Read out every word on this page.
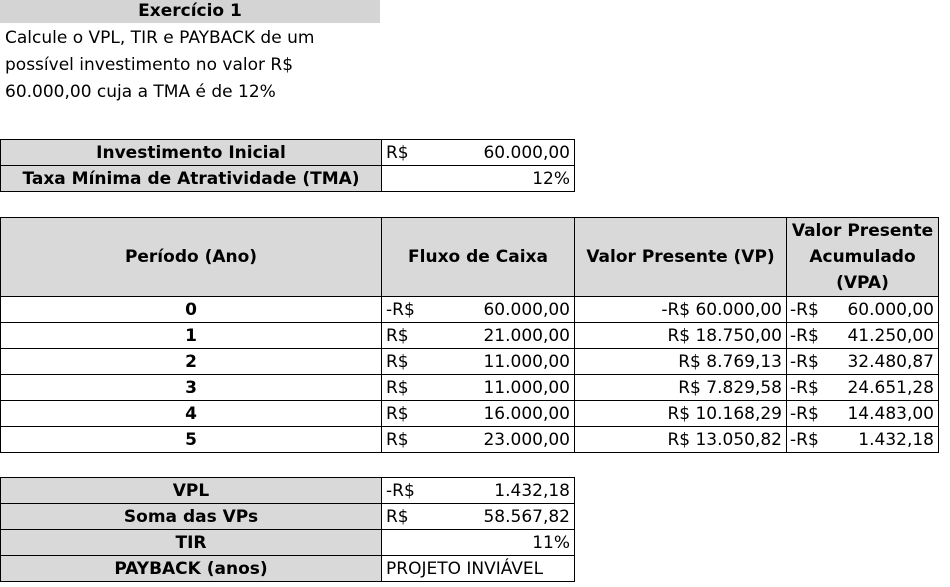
Exercício 1
Calcule o VPL, TIR e PAYBACK de um
possível investimento no valor R$
60.000,00 cuja a TMA é de 12%
Investimento Inicial	R$ 60.000,00

Taxa Mínima de Atratividade (TMA)	12%
Período (Ano)	Fluxo de Caixa	Valor Presente (VP)	Valor Presente Acumulado (VPA)
0	-R$ 60.000,00	-R$ 60.000,00	-R$ 60.000,00

1	R$ 21.000,00	R$ 18.750,00	-R$ 41.250,00

2	R$ 11.000,00	R$ 8.769,13	-R$ 32.480,87

3	R$ 11.000,00	R$ 7.829,58	-R$ 24.651,28

4	R$ 16.000,00	R$ 10.168,29	-R$ 14.483,00

5	R$ 23.000,00	R$ 13.050,82	-R$ 1.432,18
VPL	-R$ 1.432,18

Soma das VPs	R$ 58.567,82

TIR	11%
PAYBACK (anos)	PROJETO INVIÁVEL
